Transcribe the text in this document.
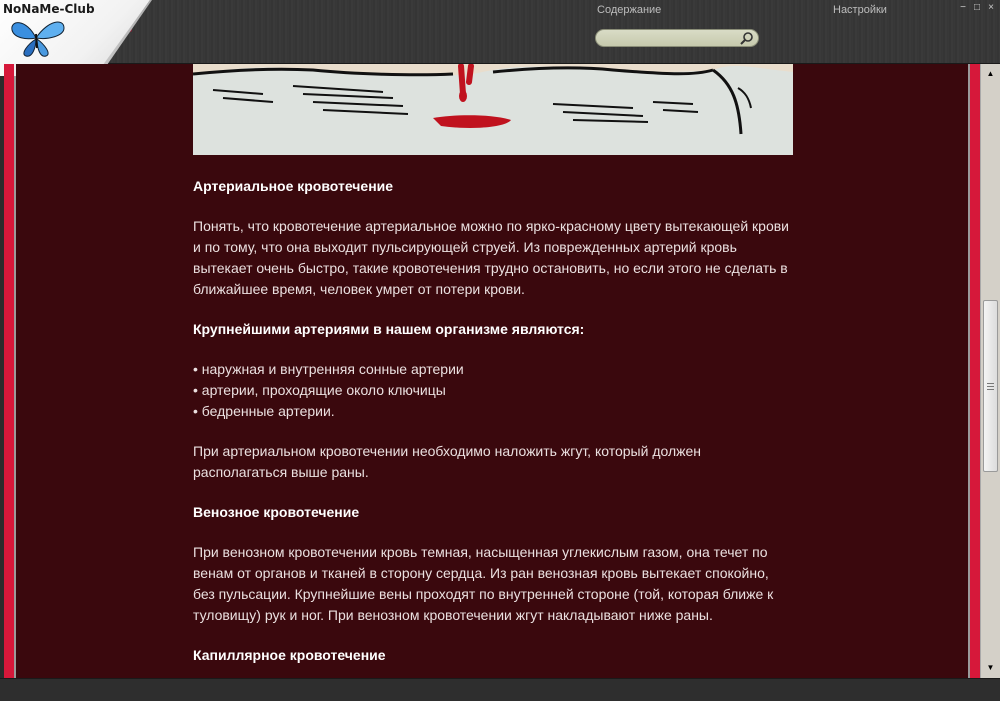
Содержание	Настройки	− □ ×
NoNaMe-Club
Артериальное кровотечение

Понять, что кровотечение артериальное можно по ярко-красному цвету вытекающей крови и по тому, что она выходит пульсирующей струей. Из поврежденных артерий кровь вытекает очень быстро, такие кровотечения трудно остановить, но если этого не сделать в ближайшее время, человек умрет от потери крови.

Крупнейшими артериями в нашем организме являются:

• наружная и внутренняя сонные артерии

• артерии, проходящие около ключицы

• бедренные артерии.

При артериальном кровотечении необходимо наложить жгут, который должен располагаться выше раны.

Венозное кровотечение

При венозном кровотечении кровь темная, насыщенная углекислым газом, она течет по венам от органов и тканей в сторону сердца. Из ран венозная кровь вытекает спокойно, без пульсации. Крупнейшие вены проходят по внутренней стороне (той, которая ближе к туловищу) рук и ног. При венозном кровотечении жгут накладывают ниже раны.

Капиллярное кровотечение
▲
▼
